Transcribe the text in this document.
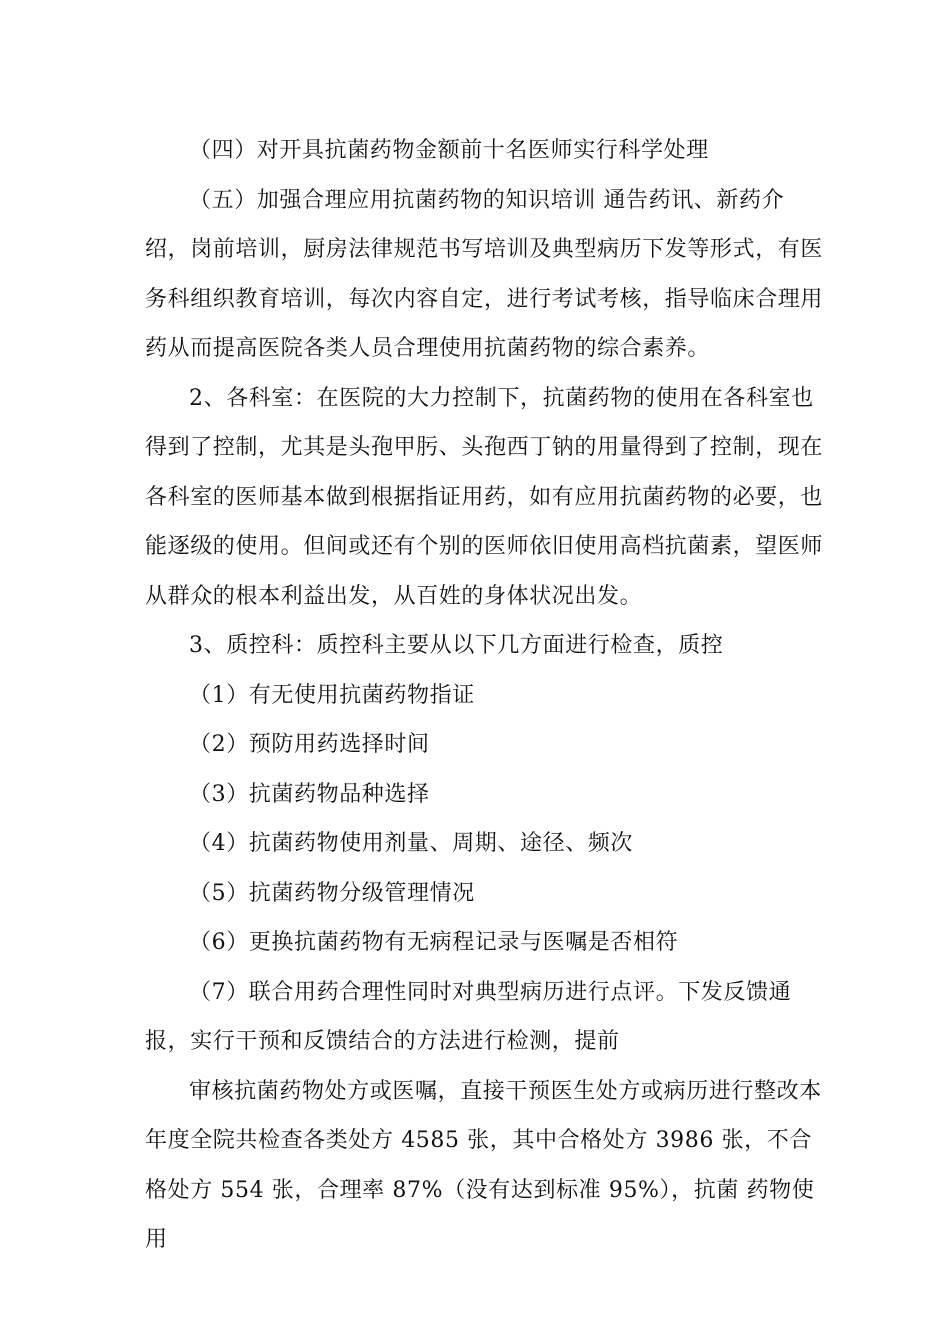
（四）对开具抗菌药物金额前十名医师实行科学处理

（五）加强合理应用抗菌药物的知识培训 通告药讯、新药介绍，岗前培训，厨房法律规范书写培训及典型病历下发等形式，有医务科组织教育培训，每次内容自定，进行考试考核，指导临床合理用药从而提高医院各类人员合理使用抗菌药物的综合素养。

2、各科室：在医院的大力控制下，抗菌药物的使用在各科室也得到了控制，尤其是头孢甲肟、头孢西丁钠的用量得到了控制，现在各科室的医师基本做到根据指证用药，如有应用抗菌药物的必要，也能逐级的使用。但间或还有个别的医师依旧使用高档抗菌素，望医师从群众的根本利益出发，从百姓的身体状况出发。

3、质控科：质控科主要从以下几方面进行检查，质控

（1）有无使用抗菌药物指证

（2）预防用药选择时间

（3）抗菌药物品种选择

（4）抗菌药物使用剂量、周期、途径、频次

（5）抗菌药物分级管理情况

（6）更换抗菌药物有无病程记录与医嘱是否相符

（7）联合用药合理性同时对典型病历进行点评。下发反馈通报，实行干预和反馈结合的方法进行检测，提前

审核抗菌药物处方或医嘱，直接干预医生处方或病历进行整改本年度全院共检查各类处方 4585 张，其中合格处方 3986 张，不合格处方 554 张，合理率 87%（没有达到标准 95%），抗菌 药物使用
